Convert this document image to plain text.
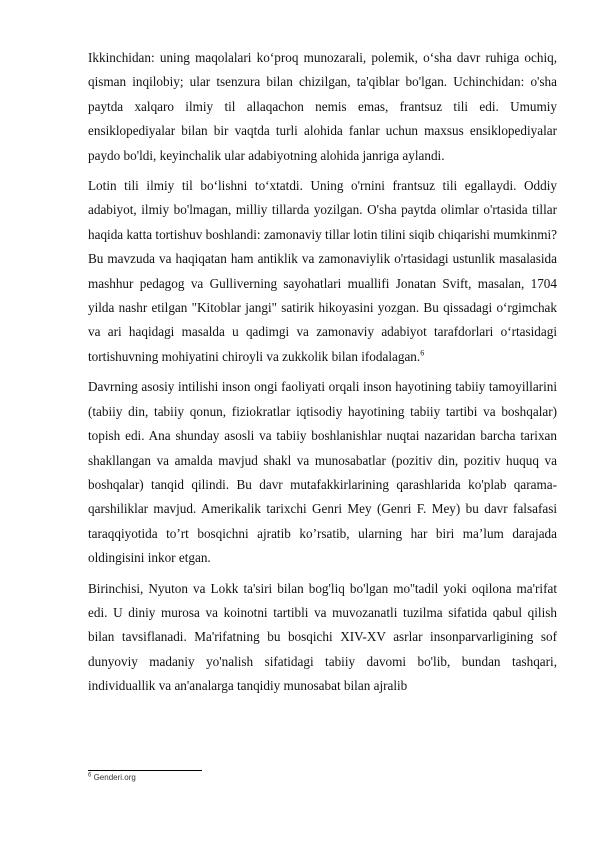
Ikkinchidan: uning maqolalari ko‘proq munozarali, polemik, o‘sha davr ruhiga ochiq, qisman inqilobiy; ular tsenzura bilan chizilgan, ta'qiblar bo'lgan. Uchinchidan: o'sha paytda xalqaro ilmiy til allaqachon nemis emas, frantsuz tili edi. Umumiy ensiklopediyalar bilan bir vaqtda turli alohida fanlar uchun maxsus ensiklopediyalar paydo bo'ldi, keyinchalik ular adabiyotning alohida janriga aylandi.

Lotin tili ilmiy til bo‘lishni to‘xtatdi. Uning o'rnini frantsuz tili egallaydi. Oddiy adabiyot, ilmiy bo'lmagan, milliy tillarda yozilgan. O'sha paytda olimlar o'rtasida tillar haqida katta tortishuv boshlandi: zamonaviy tillar lotin tilini siqib chiqarishi mumkinmi? Bu mavzuda va haqiqatan ham antiklik va zamonaviylik o'rtasidagi ustunlik masalasida mashhur pedagog va Gulliverning sayohatlari muallifi Jonatan Svift, masalan, 1704 yilda nashr etilgan "Kitoblar jangi" satirik hikoyasini yozgan. Bu qissadagi o‘rgimchak va ari haqidagi masalda u qadimgi va zamonaviy adabiyot tarafdorlari o‘rtasidagi tortishuvning mohiyatini chiroyli va zukkolik bilan ifodalagan.$^6$

Davrning asosiy intilishi inson ongi faoliyati orqali inson hayotining tabiiy tamoyillarini (tabiiy din, tabiiy qonun, fiziokratlar iqtisodiy hayotining tabiiy tartibi va boshqalar) topish edi. Ana shunday asosli va tabiiy boshlanishlar nuqtai nazaridan barcha tarixan shakllangan va amalda mavjud shakl va munosabatlar (pozitiv din, pozitiv huquq va boshqalar) tanqid qilindi. Bu davr mutafakkirlarining qarashlarida ko'plab qarama-qarshiliklar mavjud. Amerikalik tarixchi Genri Mey (Genri F. Mey) bu davr falsafasi taraqqiyotida to’rt bosqichni ajratib ko’rsatib, ularning har biri ma’lum darajada oldingisini inkor etgan.

Birinchisi, Nyuton va Lokk ta'siri bilan bog'liq bo'lgan mo''tadil yoki oqilona ma'rifat edi. U diniy murosa va koinotni tartibli va muvozanatli tuzilma sifatida qabul qilish bilan tavsiflanadi. Ma'rifatning bu bosqichi XIV-XV asrlar insonparvarligining sof dunyoviy madaniy yo'nalish sifatidagi tabiiy davomi bo'lib, bundan tashqari, individuallik va an'analarga tanqidiy munosabat bilan ajralib

$^6$ Genderi.org
